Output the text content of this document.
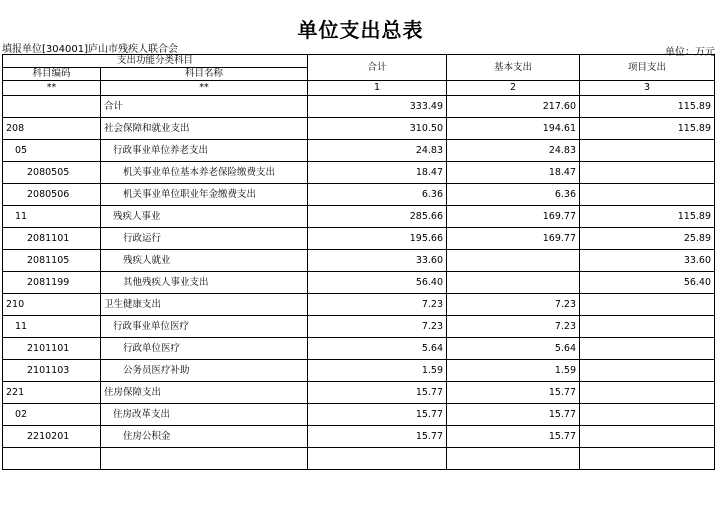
单位支出总表
填报单位[304001]庐山市残疾人联合会	单位：万元
支出功能分类科目		合计	基本支出	项目支出
科目编码	科目名称			
**	**	1	2	3
	合计	333.49	217.60	115.89
208	社会保障和就业支出	310.50	194.61	115.89
05	行政事业单位养老支出	24.83	24.83	
2080505	机关事业单位基本养老保险缴费支出	18.47	18.47	
2080506	机关事业单位职业年金缴费支出	6.36	6.36	
11	残疾人事业	285.66	169.77	115.89
2081101	行政运行	195.66	169.77	25.89
2081105	残疾人就业	33.60		33.60
2081199	其他残疾人事业支出	56.40		56.40
210	卫生健康支出	7.23	7.23	
11	行政事业单位医疗	7.23	7.23	
2101101	行政单位医疗	5.64	5.64	
2101103	公务员医疗补助	1.59	1.59	
221	住房保障支出	15.77	15.77	
02	住房改革支出	15.77	15.77	
2210201	住房公积金	15.77	15.77	
